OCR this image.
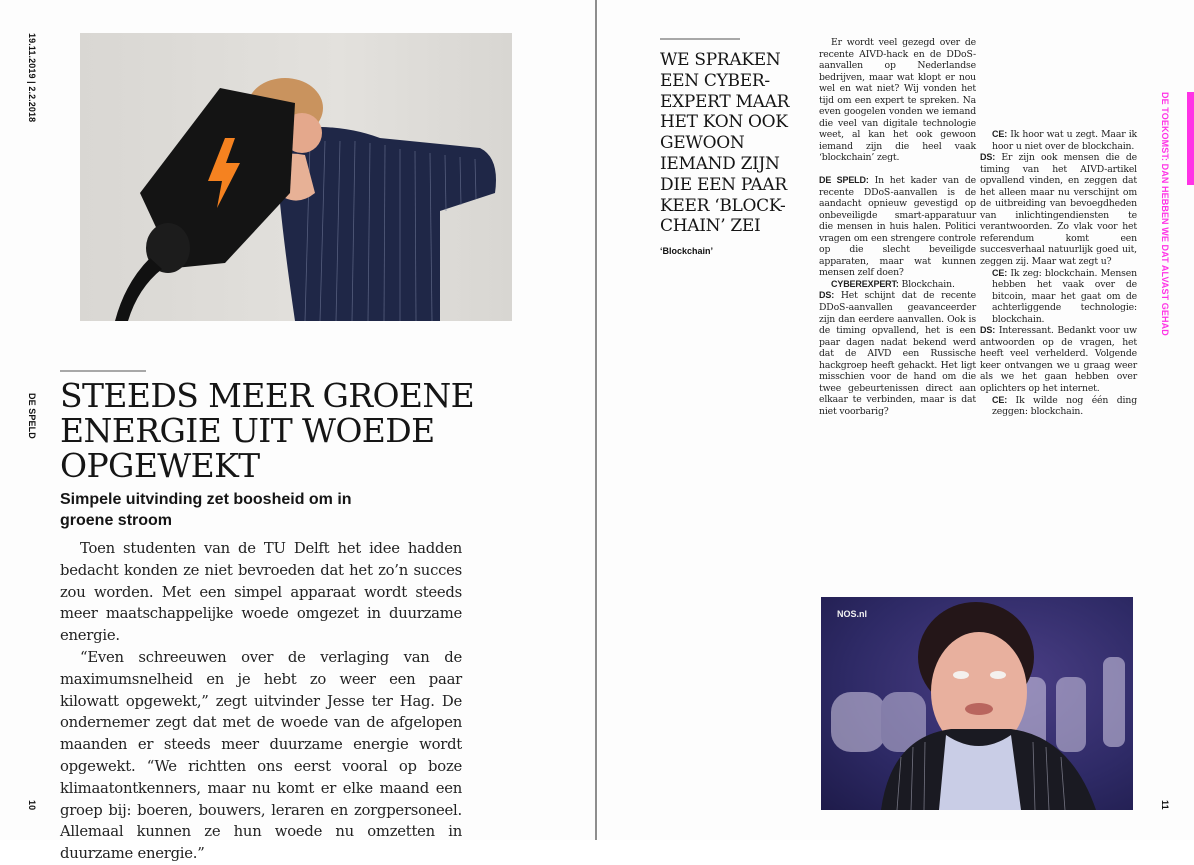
19.11.2019 | 2.2.2018
DE SPELD
10
STEEDS MEER GROENE ENERGIE UIT WOEDE OPGEWEKT
Simpele uitvinding zet boosheid om in groene stroom

Toen studenten van de TU Delft het idee hadden bedacht konden ze niet bevroeden dat het zo’n succes zou worden. Met een simpel apparaat wordt steeds meer maatschappelijke woede omgezet in duurzame energie.

“Even schreeuwen over de verlaging van de maximumsnelheid en je hebt zo weer een paar kilowatt opgewekt,” zegt uitvinder Jesse ter Hag. De ondernemer zegt dat met de woede van de afgelopen maanden er steeds meer duurzame energie wordt opgewekt. “We richtten ons eerst vooral op boze klimaatontkenners, maar nu komt er elke maand een groep bij: boeren, bouwers, leraren en zorgpersoneel. Allemaal kunnen ze hun woede nu omzetten in duurzame energie.”

WE SPRAKEN EEN CYBER-EXPERT MAAR HET KON OOK GEWOON IEMAND ZIJN DIE EEN PAAR KEER ‘BLOCK-CHAIN’ ZEI
‘Blockchain’

Er wordt veel gezegd over de recente AIVD-hack en de DDoS-aanvallen op Nederlandse bedrijven, maar wat klopt er nou wel en wat niet? Wij vonden het tijd om een expert te spreken. Na even googelen vonden we iemand die veel van digitale technologie weet, al kan het ook gewoon iemand zijn die heel vaak ‘blockchain’ zegt.

DE SPELD: In het kader van de recente DDoS-aanvallen is de aandacht opnieuw gevestigd op onbeveiligde smart-apparatuur die mensen in huis halen. Politici vragen om een strengere controle op die slecht beveiligde apparaten, maar wat kunnen mensen zelf doen?

CYBEREXPERT: Blockchain.

DS: Het schijnt dat de recente DDoS-aanvallen geavanceerder zijn dan eerdere aanvallen. Ook is de timing opvallend, het is een paar dagen nadat bekend werd dat de AIVD een Russische hackgroep heeft gehackt. Het ligt misschien voor de hand om die twee gebeurtenissen direct aan elkaar te verbinden, maar is dat niet voorbarig?

CE: Ik hoor wat u zegt. Maar ik hoor u niet over de blockchain.

DS: Er zijn ook mensen die de timing van het AIVD-artikel opvallend vinden, en zeggen dat het alleen maar nu verschijnt om de uitbreiding van bevoegdheden van inlichtingendiensten te verantwoorden. Zo vlak voor het referendum komt een succesverhaal natuurlijk goed uit, zeggen zij. Maar wat zegt u?

CE: Ik zeg: blockchain. Mensen hebben het vaak over de bitcoin, maar het gaat om de achterliggende technologie: blockchain.

DS: Interessant. Bedankt voor uw antwoorden op de vragen, het heeft veel verhelderd. Volgende keer ontvangen we u graag weer als we het gaan hebben over oplichters op het internet.

CE: Ik wilde nog één ding zeggen: blockchain.

NOS.nl
DE TOEKOMST: DAN HEBBEN WE DAT ALVAST GEHAD
11
